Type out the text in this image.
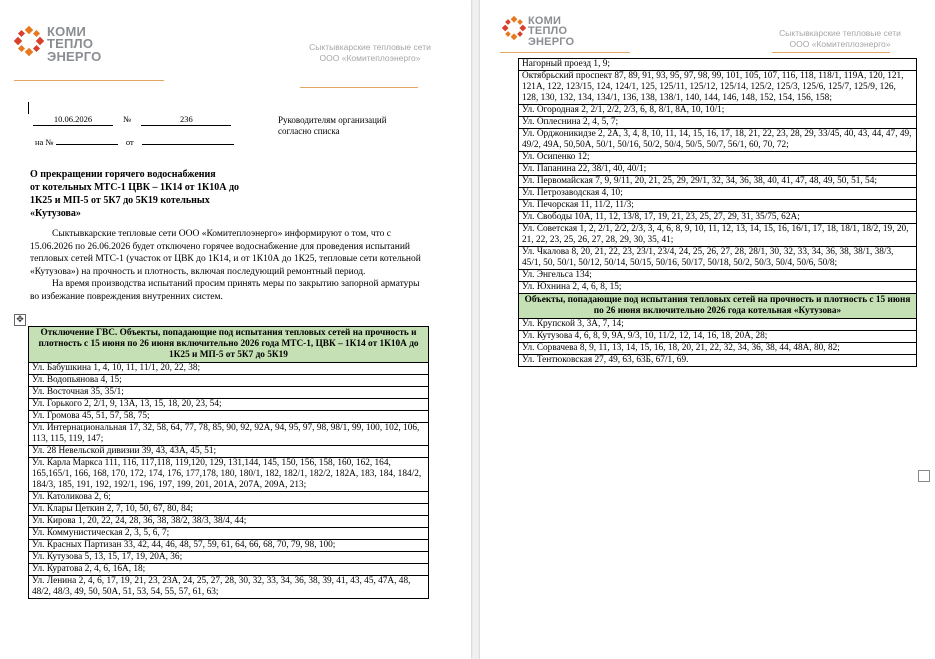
КОМИ
ТЕПЛО
ЭНЕРГО
Сыктывкарские тепловые сети
ООО «Комитеплоэнерго»
10.06.2026	№	236
на №	от
Руководителям организаций
согласно списка
О прекращении горячего водоснабжения
от котельных МТС-1 ЦВК – 1К14 от 1К10А до
1К25 и МП-5 от 5К7 до 5К19 котельных
«Кутузова»

Сыктывкарские тепловые сети ООО «Комитеплоэнерго» информируют о том, что с 15.06.2026 по 26.06.2026 будет отключено горячее водоснабжение для проведения испытаний тепловых сетей МТС-1 (участок от ЦВК до 1К14, и от 1К10А до 1К25, тепловые сети котельной «Кутузова») на прочность и плотность, включая последующий ремонтный период.

На время производства испытаний просим принять меры по закрытию запорной арматуры во избежание повреждения внутренних систем.

✥
Отключение ГВС. Объекты, попадающие под испытания тепловых сетей на прочность и плотность с 15 июня по 26 июня включительно 2026 года МТС-1, ЦВК – 1К14 от 1К10А до 1К25 и МП-5 от 5К7 до 5К19
Ул. Бабушкина 1, 4, 10, 11, 11/1, 20, 22, 38;
Ул. Водопьянова 4, 15;
Ул. Восточная 35, 35/1;
Ул. Горького 2, 2/1, 9, 13А, 13, 15, 18, 20, 23, 54;
Ул. Громова 45, 51, 57, 58, 75;
Ул. Интернациональная 17, 32, 58, 64, 77, 78, 85, 90, 92, 92А, 94, 95, 97, 98, 98/1, 99, 100, 102, 106, 113, 115, 119, 147;
Ул. 28 Невельской дивизии 39, 43, 43А, 45, 51;
Ул. Карла Маркса 111, 116, 117,118, 119,120, 129, 131,144, 145, 150, 156, 158, 160, 162, 164, 165,165/1, 166, 168, 170, 172, 174, 176, 177,178, 180, 180/1, 182, 182/1, 182/2, 182А, 183, 184, 184/2, 184/3, 185, 191, 192, 192/1, 196, 197, 199, 201, 201А, 207А, 209А, 213;
Ул. Католикова 2, 6;
Ул. Клары Цеткин 2, 7, 10, 50, 67, 80, 84;
Ул. Кирова 1, 20, 22, 24, 28, 36, 38, 38/2, 38/3, 38/4, 44;
Ул. Коммунистическая 2, 3, 5, 6, 7;
Ул. Красных Партизан 33, 42, 44, 46, 48, 57, 59, 61, 64, 66, 68, 70, 79, 98, 100;
Ул. Кутузова 5, 13, 15, 17, 19, 20А, 36;
Ул. Куратова 2, 4, 6, 16А, 18;
Ул. Ленина 2, 4, 6, 17, 19, 21, 23, 23А, 24, 25, 27, 28, 30, 32, 33, 34, 36, 38, 39, 41, 43, 45, 47А, 48, 48/2, 48/3, 49, 50, 50А, 51, 53, 54, 55, 57, 61, 63;
КОМИ
ТЕПЛО
ЭНЕРГО
Сыктывкарские тепловые сети
ООО «Комитеплоэнерго»
Нагорный проезд 1, 9;
Октябрьский проспект 87, 89, 91, 93, 95, 97, 98, 99, 101, 105, 107, 116, 118, 118/1, 119А, 120, 121, 121А, 122, 123/15, 124, 124/1, 125, 125/11, 125/12, 125/14, 125/2, 125/3, 125/6, 125/7, 125/9, 126, 128, 130, 132, 134, 134/1, 136, 138, 138/1, 140, 144, 146, 148, 152, 154, 156, 158;
Ул. Огородная 2, 2/1, 2/2, 2/3, 6, 8, 8/1, 8А, 10, 10/1;
Ул. Оплеснина 2, 4, 5, 7;
Ул. Орджоникидзе 2, 2А, 3, 4, 8, 10, 11, 14, 15, 16, 17, 18, 21, 22, 23, 28, 29, 33/45, 40, 43, 44, 47, 49, 49/2, 49А, 50,50А, 50/1, 50/16, 50/2, 50/4, 50/5, 50/7, 56/1, 60, 70, 72;
Ул. Осипенко 12;
Ул. Папанина 22, 38/1, 40, 40/1;
Ул. Первомайская 7, 9, 9/11, 20, 21, 25, 29, 29/1, 32, 34, 36, 38, 40, 41, 47, 48, 49, 50, 51, 54;
Ул. Петрозаводская 4, 10;
Ул. Печорская 11, 11/2, 11/3;
Ул. Свободы 10А, 11, 12, 13/8, 17, 19, 21, 23, 25, 27, 29, 31, 35/75, 62А;
Ул. Советская 1, 2, 2/1, 2/2, 2/3, 3, 4, 6, 8, 9, 10, 11, 12, 13, 14, 15, 16, 16/1, 17, 18, 18/1, 18/2, 19, 20, 21, 22, 23, 25, 26, 27, 28, 29, 30, 35, 41;
Ул. Чкалова 8, 20, 21, 22, 23, 23/1, 23/4, 24, 25, 26, 27, 28, 28/1, 30, 32, 33, 34, 36, 38, 38/1, 38/3, 45/1, 50, 50/1, 50/12, 50/14, 50/15, 50/16, 50/17, 50/18, 50/2, 50/3, 50/4, 50/6, 50/8;
Ул. Энгельса 134;
Ул. Юхнина 2, 4, 6, 8, 15;
Объекты, попадающие под испытания тепловых сетей на прочность и плотность с 15 июня по 26 июня включительно 2026 года котельная «Кутузова»
Ул. Крупской 3, 3А, 7, 14;
Ул. Кутузова 4, 6, 8, 9, 9А, 9/3, 10, 11/2, 12, 14, 16, 18, 20А, 28;
Ул. Сорвачева 8, 9, 11, 13, 14, 15, 16, 18, 20, 21, 22, 32, 34, 36, 38, 44, 48А, 80, 82;
Ул. Тентюковская 27, 49, 63, 63Б, 67/1, 69.
